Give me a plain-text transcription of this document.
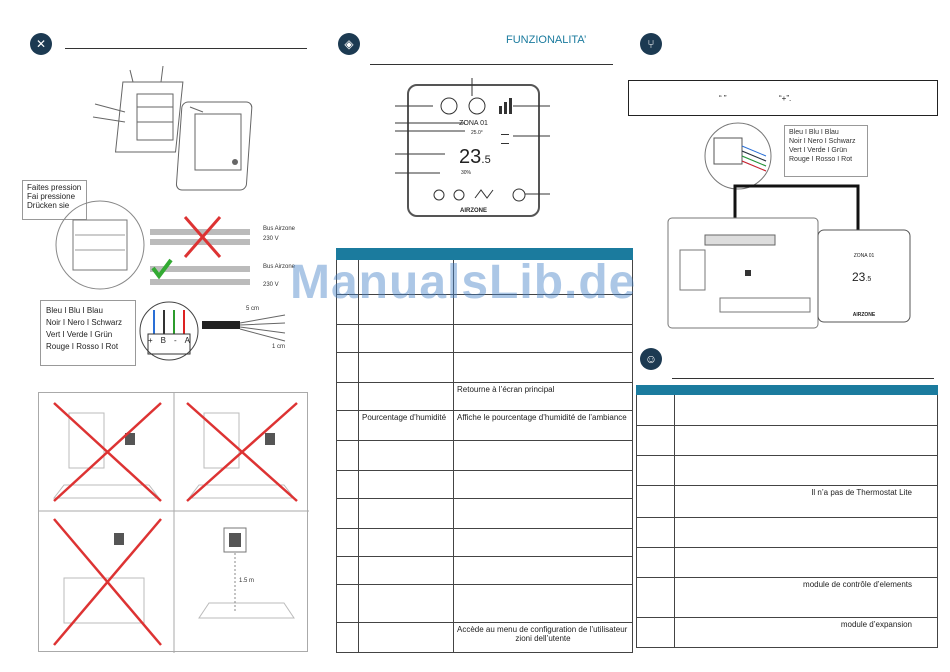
✕
Faites pression
Fai pressione
Drücken sie
Bus Airzone
230 V
Bus Airzone
230 V
Bleu I Blu I Blau
Noir I Nero I Schwarz
Vert I Verde I Grün
Rouge I Rosso I Rot
+ B - A
5 cm
1 cm
1.5 m
◈	FUNZIONALITA’
ZONA 01
25.0°
23.5
30%
AIRZONE

		Retourne à l’écran principal
	Pourcentage d’humidité	Affiche le pourcentage d’humidité de l’ambiance

		Accède au menu de configuration de l’utilisateur
zioni dell’utente
ManualsLib.de
⑂
“ ”	“+”.
Bleu I Blu I Blau
Noir I Nero I Schwarz
Vert I Verde I Grün
Rouge I Rosso I Rot
ZONA 01
23.5
AIRZONE
☺

	Il n’a pas de Thermostat Lite

	module de contrôle d’elements
	module d’expansion
